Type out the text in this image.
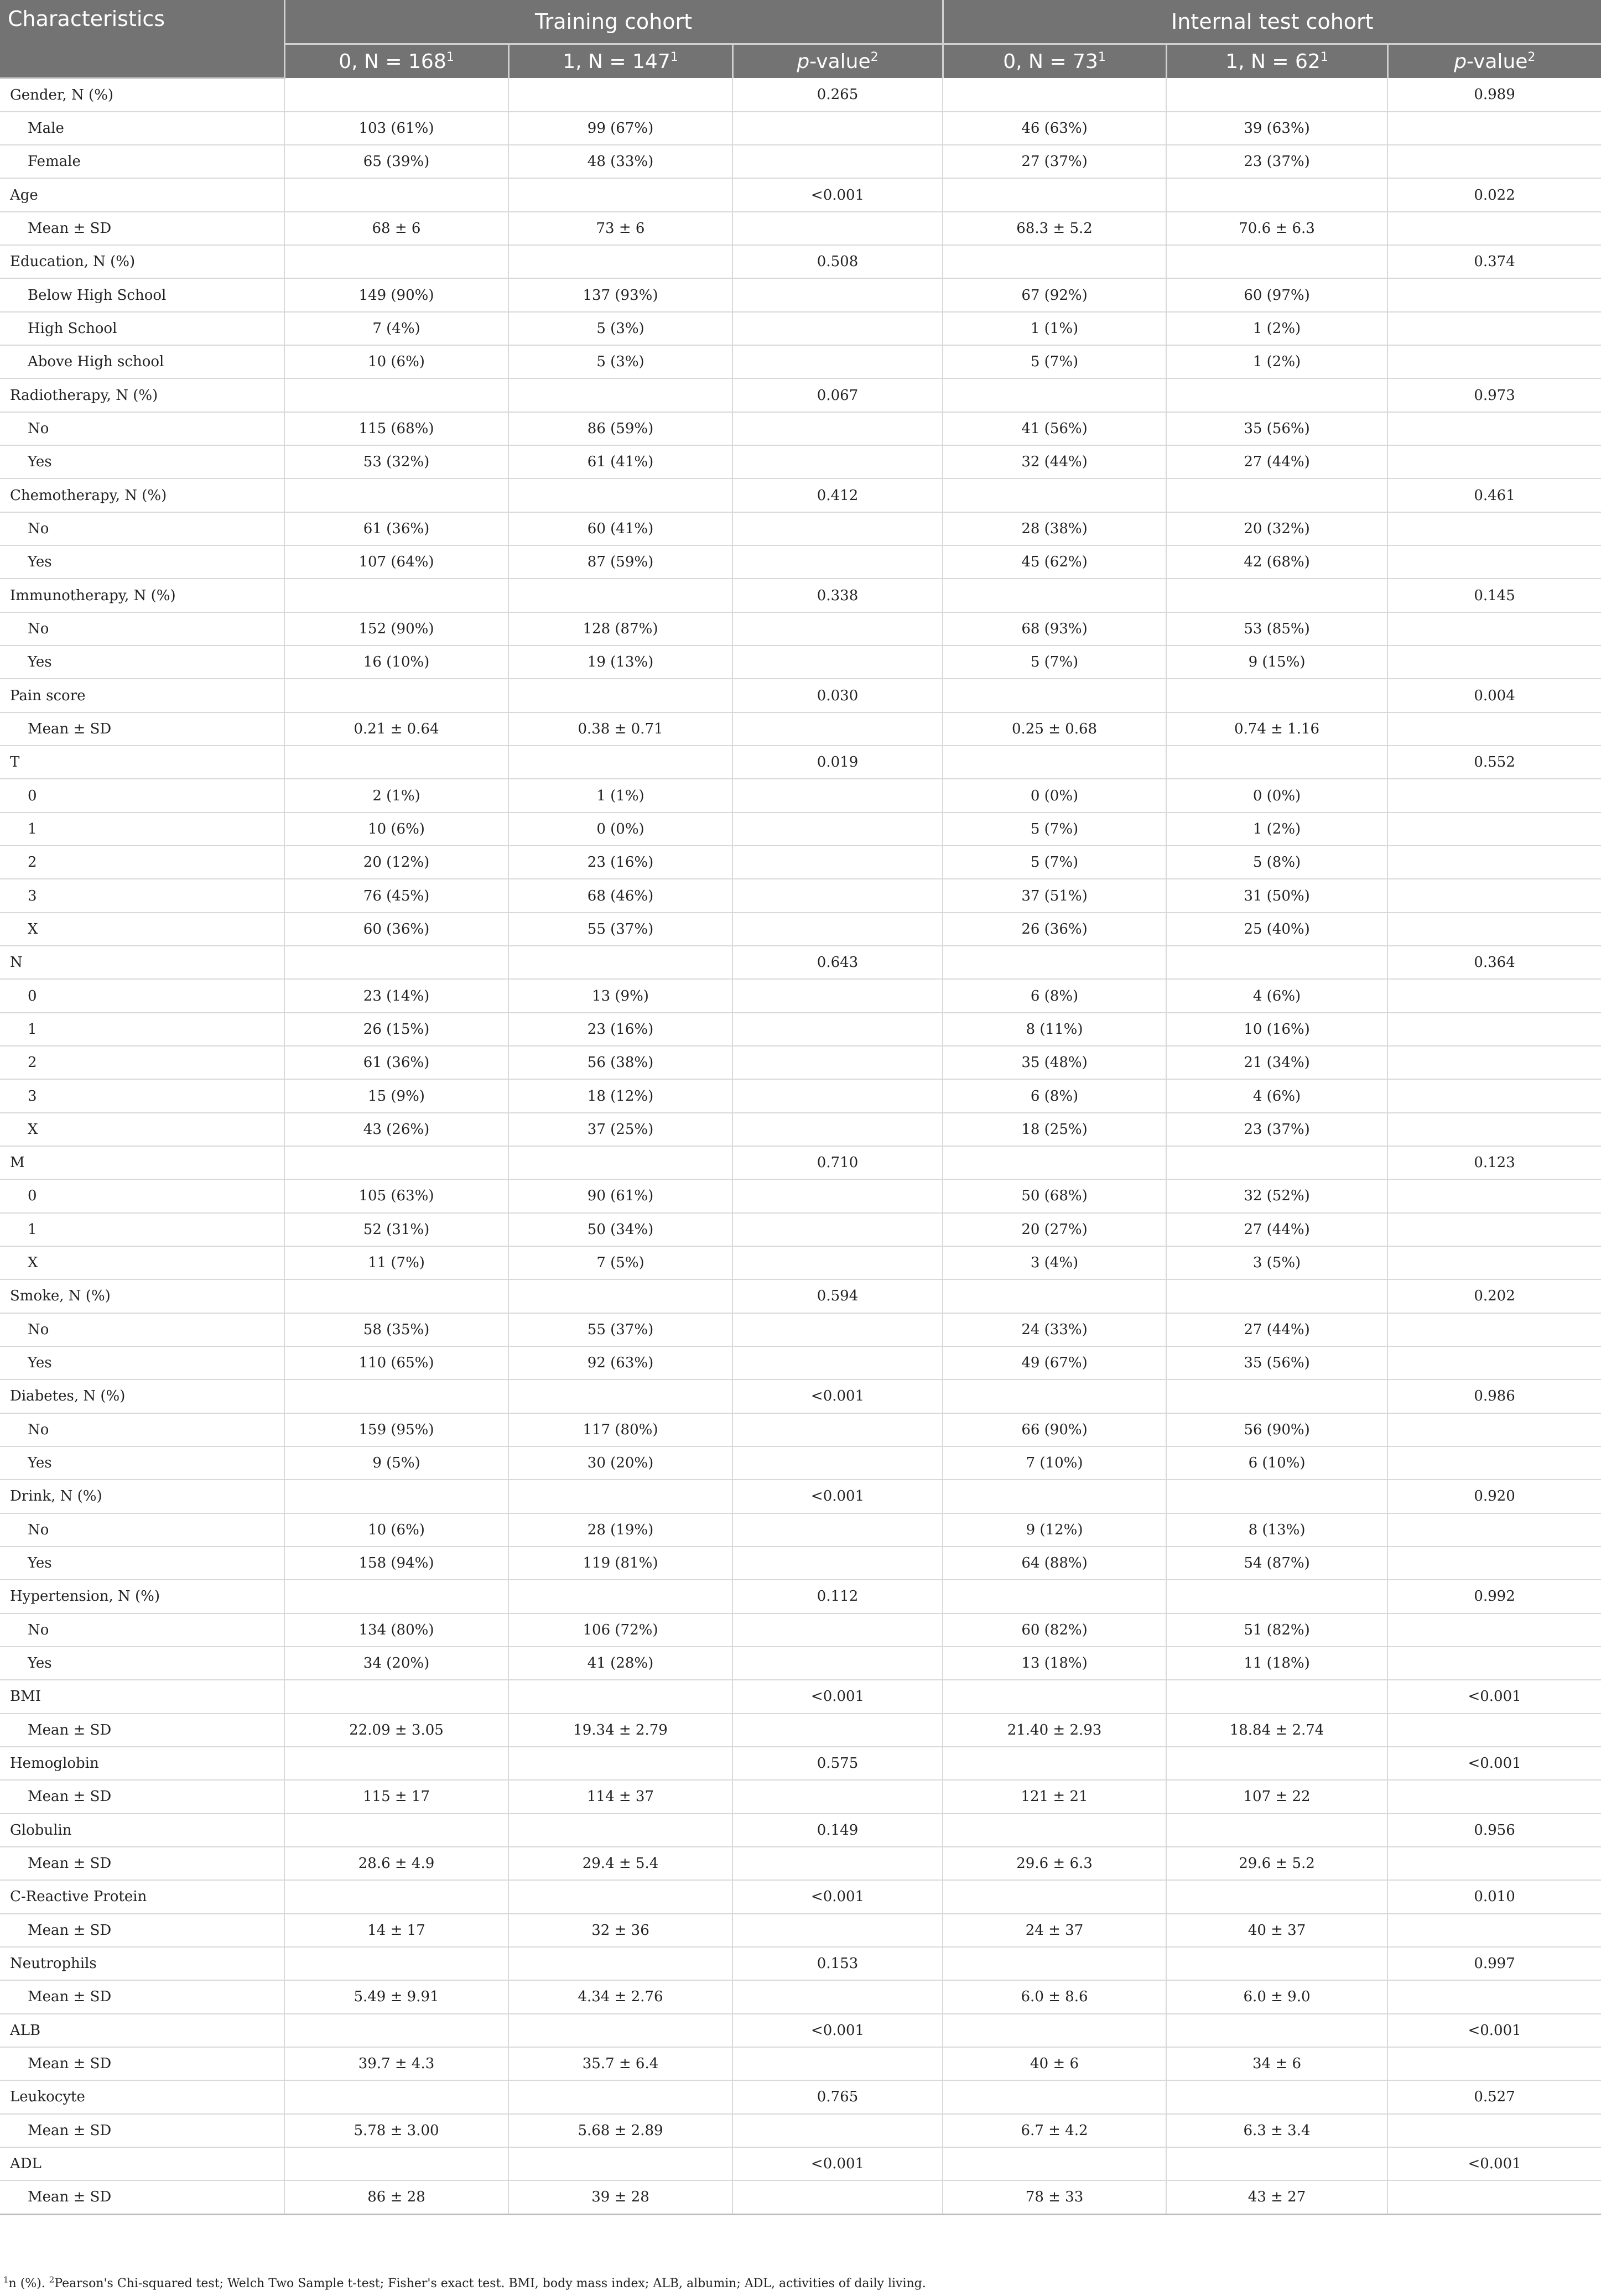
Characteristics	Training cohort			Internal test cohort		
	0, $N = 168^1$	1, $N = 147^1$	p-value$^2$	0, $N = 73^1$	1, $N = 62^1$	p-value$^2$
Gender, N (%)			0.265			0.989
Male	103 (61%)	99 (67%)		46 (63%)	39 (63%)	
Female	65 (39%)	48 (33%)		27 (37%)	23 (37%)	
Age			<0.001			0.022
Mean ± SD	68 ± 6	73 ± 6		68.3 ± 5.2	70.6 ± 6.3	
Education, N (%)			0.508			0.374
Below High School	149 (90%)	137 (93%)		67 (92%)	60 (97%)	
High School	7 (4%)	5 (3%)		1 (1%)	1 (2%)	
Above High school	10 (6%)	5 (3%)		5 (7%)	1 (2%)	
Radiotherapy, N (%)			0.067			0.973
No	115 (68%)	86 (59%)		41 (56%)	35 (56%)	
Yes	53 (32%)	61 (41%)		32 (44%)	27 (44%)	
Chemotherapy, N (%)			0.412			0.461
No	61 (36%)	60 (41%)		28 (38%)	20 (32%)	
Yes	107 (64%)	87 (59%)		45 (62%)	42 (68%)	
Immunotherapy, N (%)			0.338			0.145
No	152 (90%)	128 (87%)		68 (93%)	53 (85%)	
Yes	16 (10%)	19 (13%)		5 (7%)	9 (15%)	
Pain score			0.030			0.004
Mean ± SD	0.21 ± 0.64	0.38 ± 0.71		0.25 ± 0.68	0.74 ± 1.16	
T			0.019			0.552
0	2 (1%)	1 (1%)		0 (0%)	0 (0%)	
1	10 (6%)	0 (0%)		5 (7%)	1 (2%)	
2	20 (12%)	23 (16%)		5 (7%)	5 (8%)	
3	76 (45%)	68 (46%)		37 (51%)	31 (50%)	
X	60 (36%)	55 (37%)		26 (36%)	25 (40%)	
N			0.643			0.364
0	23 (14%)	13 (9%)		6 (8%)	4 (6%)	
1	26 (15%)	23 (16%)		8 (11%)	10 (16%)	
2	61 (36%)	56 (38%)		35 (48%)	21 (34%)	
3	15 (9%)	18 (12%)		6 (8%)	4 (6%)	
X	43 (26%)	37 (25%)		18 (25%)	23 (37%)	
M			0.710			0.123
0	105 (63%)	90 (61%)		50 (68%)	32 (52%)	
1	52 (31%)	50 (34%)		20 (27%)	27 (44%)	
X	11 (7%)	7 (5%)		3 (4%)	3 (5%)	
Smoke, N (%)			0.594			0.202
No	58 (35%)	55 (37%)		24 (33%)	27 (44%)	
Yes	110 (65%)	92 (63%)		49 (67%)	35 (56%)	
Diabetes, N (%)			<0.001			0.986
No	159 (95%)	117 (80%)		66 (90%)	56 (90%)	
Yes	9 (5%)	30 (20%)		7 (10%)	6 (10%)	
Drink, N (%)			<0.001			0.920
No	10 (6%)	28 (19%)		9 (12%)	8 (13%)	
Yes	158 (94%)	119 (81%)		64 (88%)	54 (87%)	
Hypertension, N (%)			0.112			0.992
No	134 (80%)	106 (72%)		60 (82%)	51 (82%)	
Yes	34 (20%)	41 (28%)		13 (18%)	11 (18%)	
BMI			<0.001			<0.001
Mean ± SD	22.09 ± 3.05	19.34 ± 2.79		21.40 ± 2.93	18.84 ± 2.74	
Hemoglobin			0.575			<0.001
Mean ± SD	115 ± 17	114 ± 37		121 ± 21	107 ± 22	
Globulin			0.149			0.956
Mean ± SD	28.6 ± 4.9	29.4 ± 5.4		29.6 ± 6.3	29.6 ± 5.2	
C-Reactive Protein			<0.001			0.010
Mean ± SD	14 ± 17	32 ± 36		24 ± 37	40 ± 37	
Neutrophils			0.153			0.997
Mean ± SD	5.49 ± 9.91	4.34 ± 2.76		6.0 ± 8.6	6.0 ± 9.0	
ALB			<0.001			<0.001
Mean ± SD	39.7 ± 4.3	35.7 ± 6.4		40 ± 6	34 ± 6	
Leukocyte			0.765			0.527
Mean ± SD	5.78 ± 3.00	5.68 ± 2.89		6.7 ± 4.2	6.3 ± 3.4	
ADL			<0.001			<0.001
Mean ± SD	86 ± 28	39 ± 28		78 ± 33	43 ± 27	
$^1$n (%). $^2$Pearson's Chi-squared test; Welch Two Sample t-test; Fisher's exact test. BMI, body mass index; ALB, albumin; ADL, activities of daily living.
